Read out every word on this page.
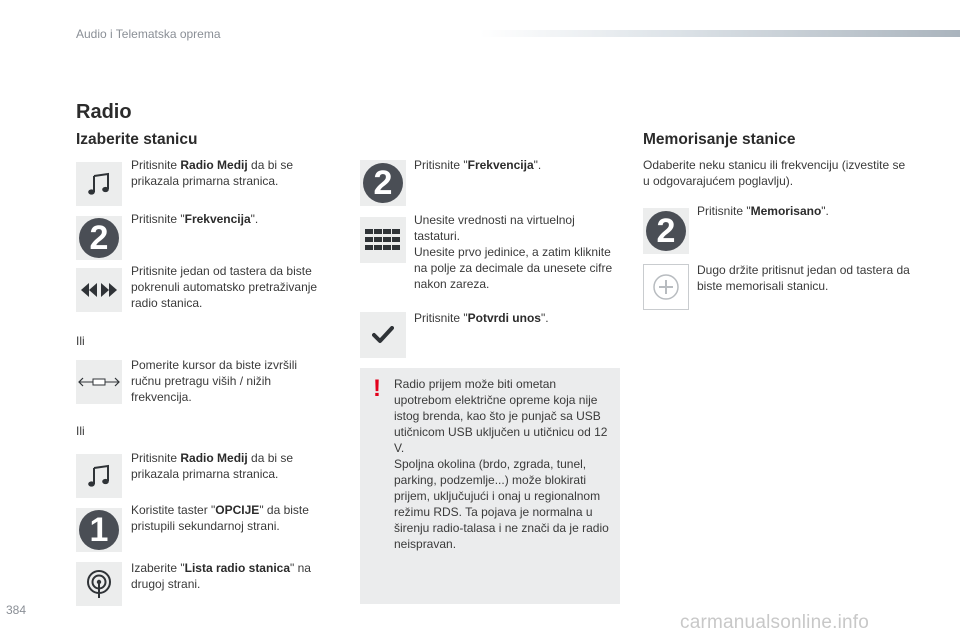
Audio i Telematska oprema
Radio
Izaberite stanicu
Pritisnite Radio Medij da bi se prikazala primarna stranica.
2 Pritisnite "Frekvencija".
Pritisnite jedan od tastera da biste pokrenuli automatsko pretraživanje radio stanica.
Ili
Pomerite kursor da biste izvršili ručnu pretragu viših / nižih frekvencija.
Ili
Pritisnite Radio Medij da bi se prikazala primarna stranica.
1
Koristite taster "OPCIJE" da biste pristupili sekundarnoj strani.
Izaberite "Lista radio stanica" na drugoj strani.
2 Pritisnite "Frekvencija".
Unesite vrednosti na virtuelnoj tastaturi.
Unesite prvo jedinice, a zatim kliknite na polje za decimale da unesete cifre nakon zareza.
Pritisnite "Potvrdi unos".
! Radio prijem može biti ometan upotrebom električne opreme koja nije istog brenda, kao što je punjač sa USB utičnicom USB uključen u utičnicu od 12 V.
Spoljna okolina (brdo, zgrada, tunel, parking, podzemlje...) može blokirati prijem, uključujući i onaj u regionalnom režimu RDS. Ta pojava je normalna u širenju radio-talasa i ne znači da je radio neispravan.
Memorisanje stanice
Odaberite neku stanicu ili frekvenciju (izvestite se u odgovarajućem poglavlju).
2
Pritisnite "Memorisano".
Dugo držite pritisnut jedan od tastera da biste memorisali stanicu.
384
carmanualsonline.info
